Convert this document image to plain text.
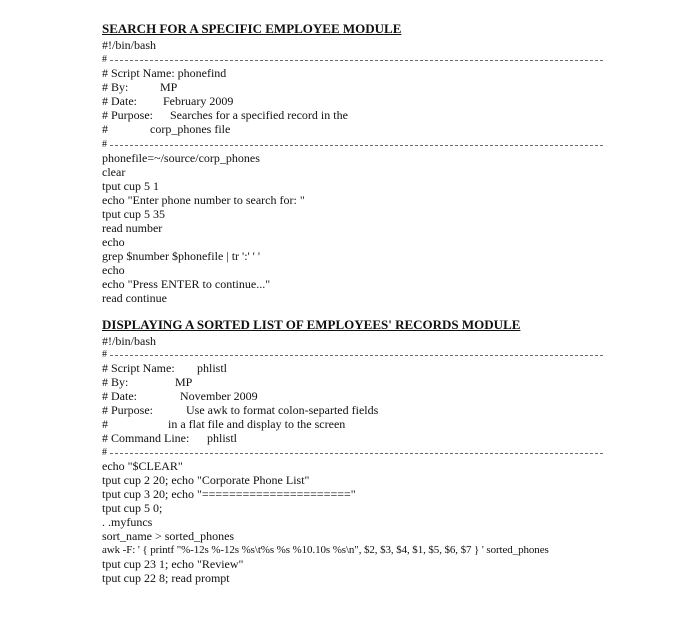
SEARCH FOR A SPECIFIC EMPLOYEE MODULE
#!/bin/bash
#
# Script Name: phonefind
# By:	MP
# Date: February 2009
# Purpose: Searches for a specified record in the
#	corp_phones file
#
phonefile=~/source/corp_phones
clear
tput cup 5 1
echo "Enter phone number to search for: "
tput cup 5 35
read number
echo
grep $number $phonefile | tr ':' ' '
echo
echo "Press ENTER to continue..."
read continue
DISPLAYING A SORTED LIST OF EMPLOYEES' RECORDS MODULE
#!/bin/bash
#
# Script Name: phlistl
# By:	MP
# Date:	November 2009
# Purpose:	Use awk to format colon-separted fields
#	in a flat file and display to the screen
# Command Line: phlistl
#
echo "$CLEAR"
tput cup 2 20; echo "Corporate Phone List"
tput cup 3 20; echo "======================"
tput cup 5 0;
. .myfuncs
sort_name > sorted_phones
awk -F: ' { printf "%-12s %-12s %s\t%s %s %10.10s %s\n", $2, $3, $4, $1, $5, $6, $7 } ' sorted_phones
tput cup 23 1; echo "Review"
tput cup 22 8; read prompt
